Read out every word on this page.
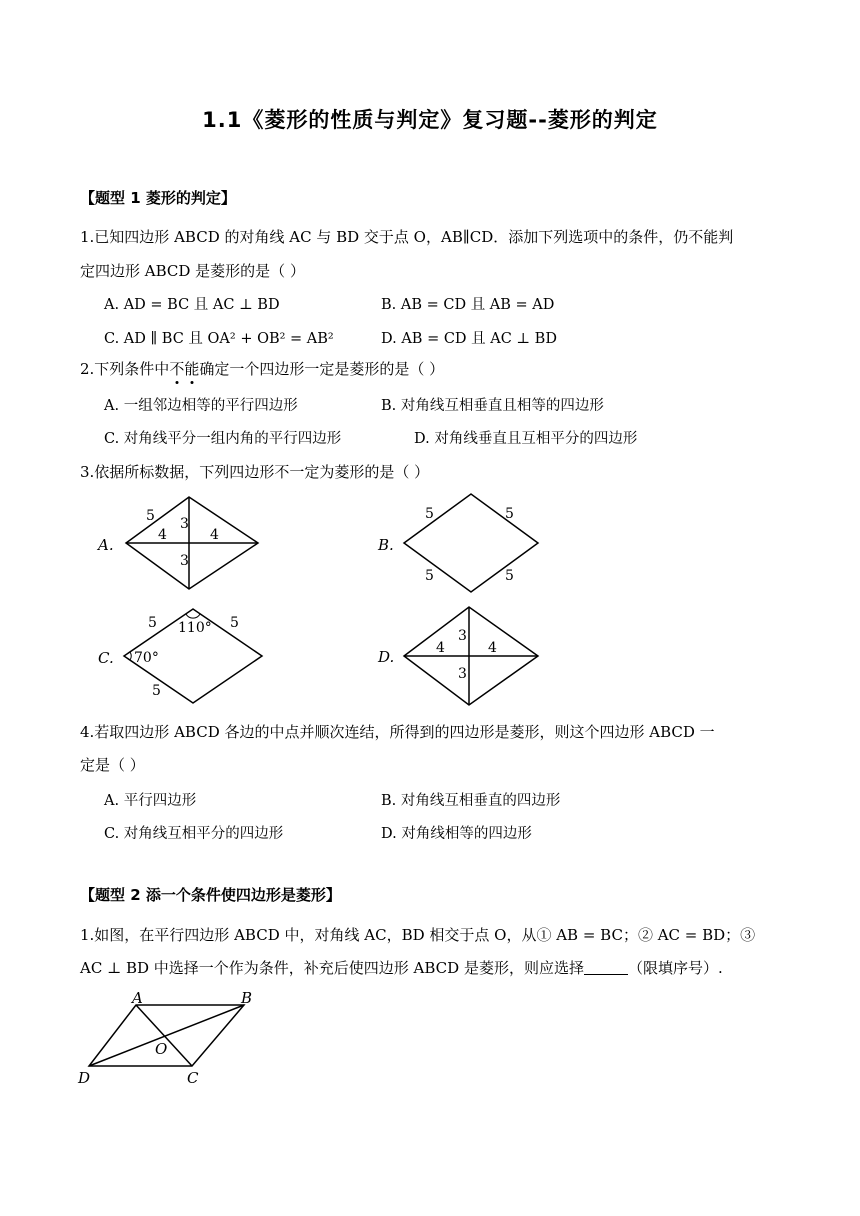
1.1《菱形的性质与判定》复习题--菱形的判定
【题型 1 菱形的判定】
1.已知四边形 ABCD 的对角线 AC 与 BD 交于点 O，AB∥CD．添加下列选项中的条件，仍不能判
定四边形 ABCD 是菱形的是（ ）
A. AD = BC 且 AC ⊥ BD	B. AB = CD 且 AB = AD
C. AD ∥ BC 且 OA² + OB² = AB²	D. AB = CD 且 AC ⊥ BD
2.下列条件中不能确定一个四边形一定是菱形的是（ ）
A. 一组邻边相等的平行四边形	B. 对角线互相垂直且相等的四边形
C. 对角线平分一组内角的平行四边形	D. 对角线垂直且互相平分的四边形
3.依据所标数据，下列四边形不一定为菱形的是（ ）
A.
5 3
4	4
3
B.
5	5
5	5
C.
5	5
5
110°
70°	D.
3
4	4
3
4.若取四边形 ABCD 各边的中点并顺次连结，所得到的四边形是菱形，则这个四边形 ABCD 一
定是（ ）
A. 平行四边形	B. 对角线互相垂直的四边形
C. 对角线互相平分的四边形	D. 对角线相等的四边形
【题型 2 添一个条件使四边形是菱形】
1.如图，在平行四边形 ABCD 中，对角线 AC，BD 相交于点 O，从① AB = BC；② AC = BD；③
AC ⊥ BD 中选择一个作为条件，补充后使四边形 ABCD 是菱形，则应选择	（限填序号）.
A	B
C
D
O
